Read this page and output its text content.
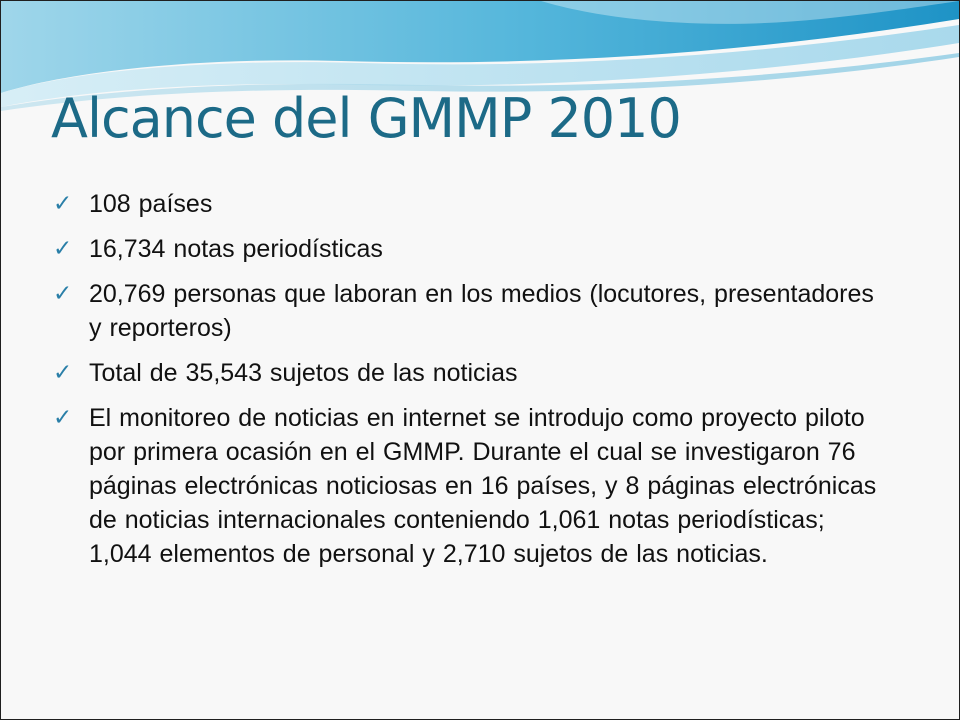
Alcance del GMMP 2010
✓ 108 países
✓ 16,734 notas periodísticas
✓ 20,769 personas que laboran en los medios (locutores, presentadores y reporteros)
✓ Total de 35,543 sujetos de las noticias
✓ El monitoreo de noticias en internet se introdujo como proyecto piloto por primera ocasión en el GMMP. Durante el cual se investigaron 76 páginas electrónicas noticiosas en 16 países, y 8 páginas electrónicas de noticias internacionales conteniendo 1,061 notas periodísticas; 1,044 elementos de personal y 2,710 sujetos de las noticias.
